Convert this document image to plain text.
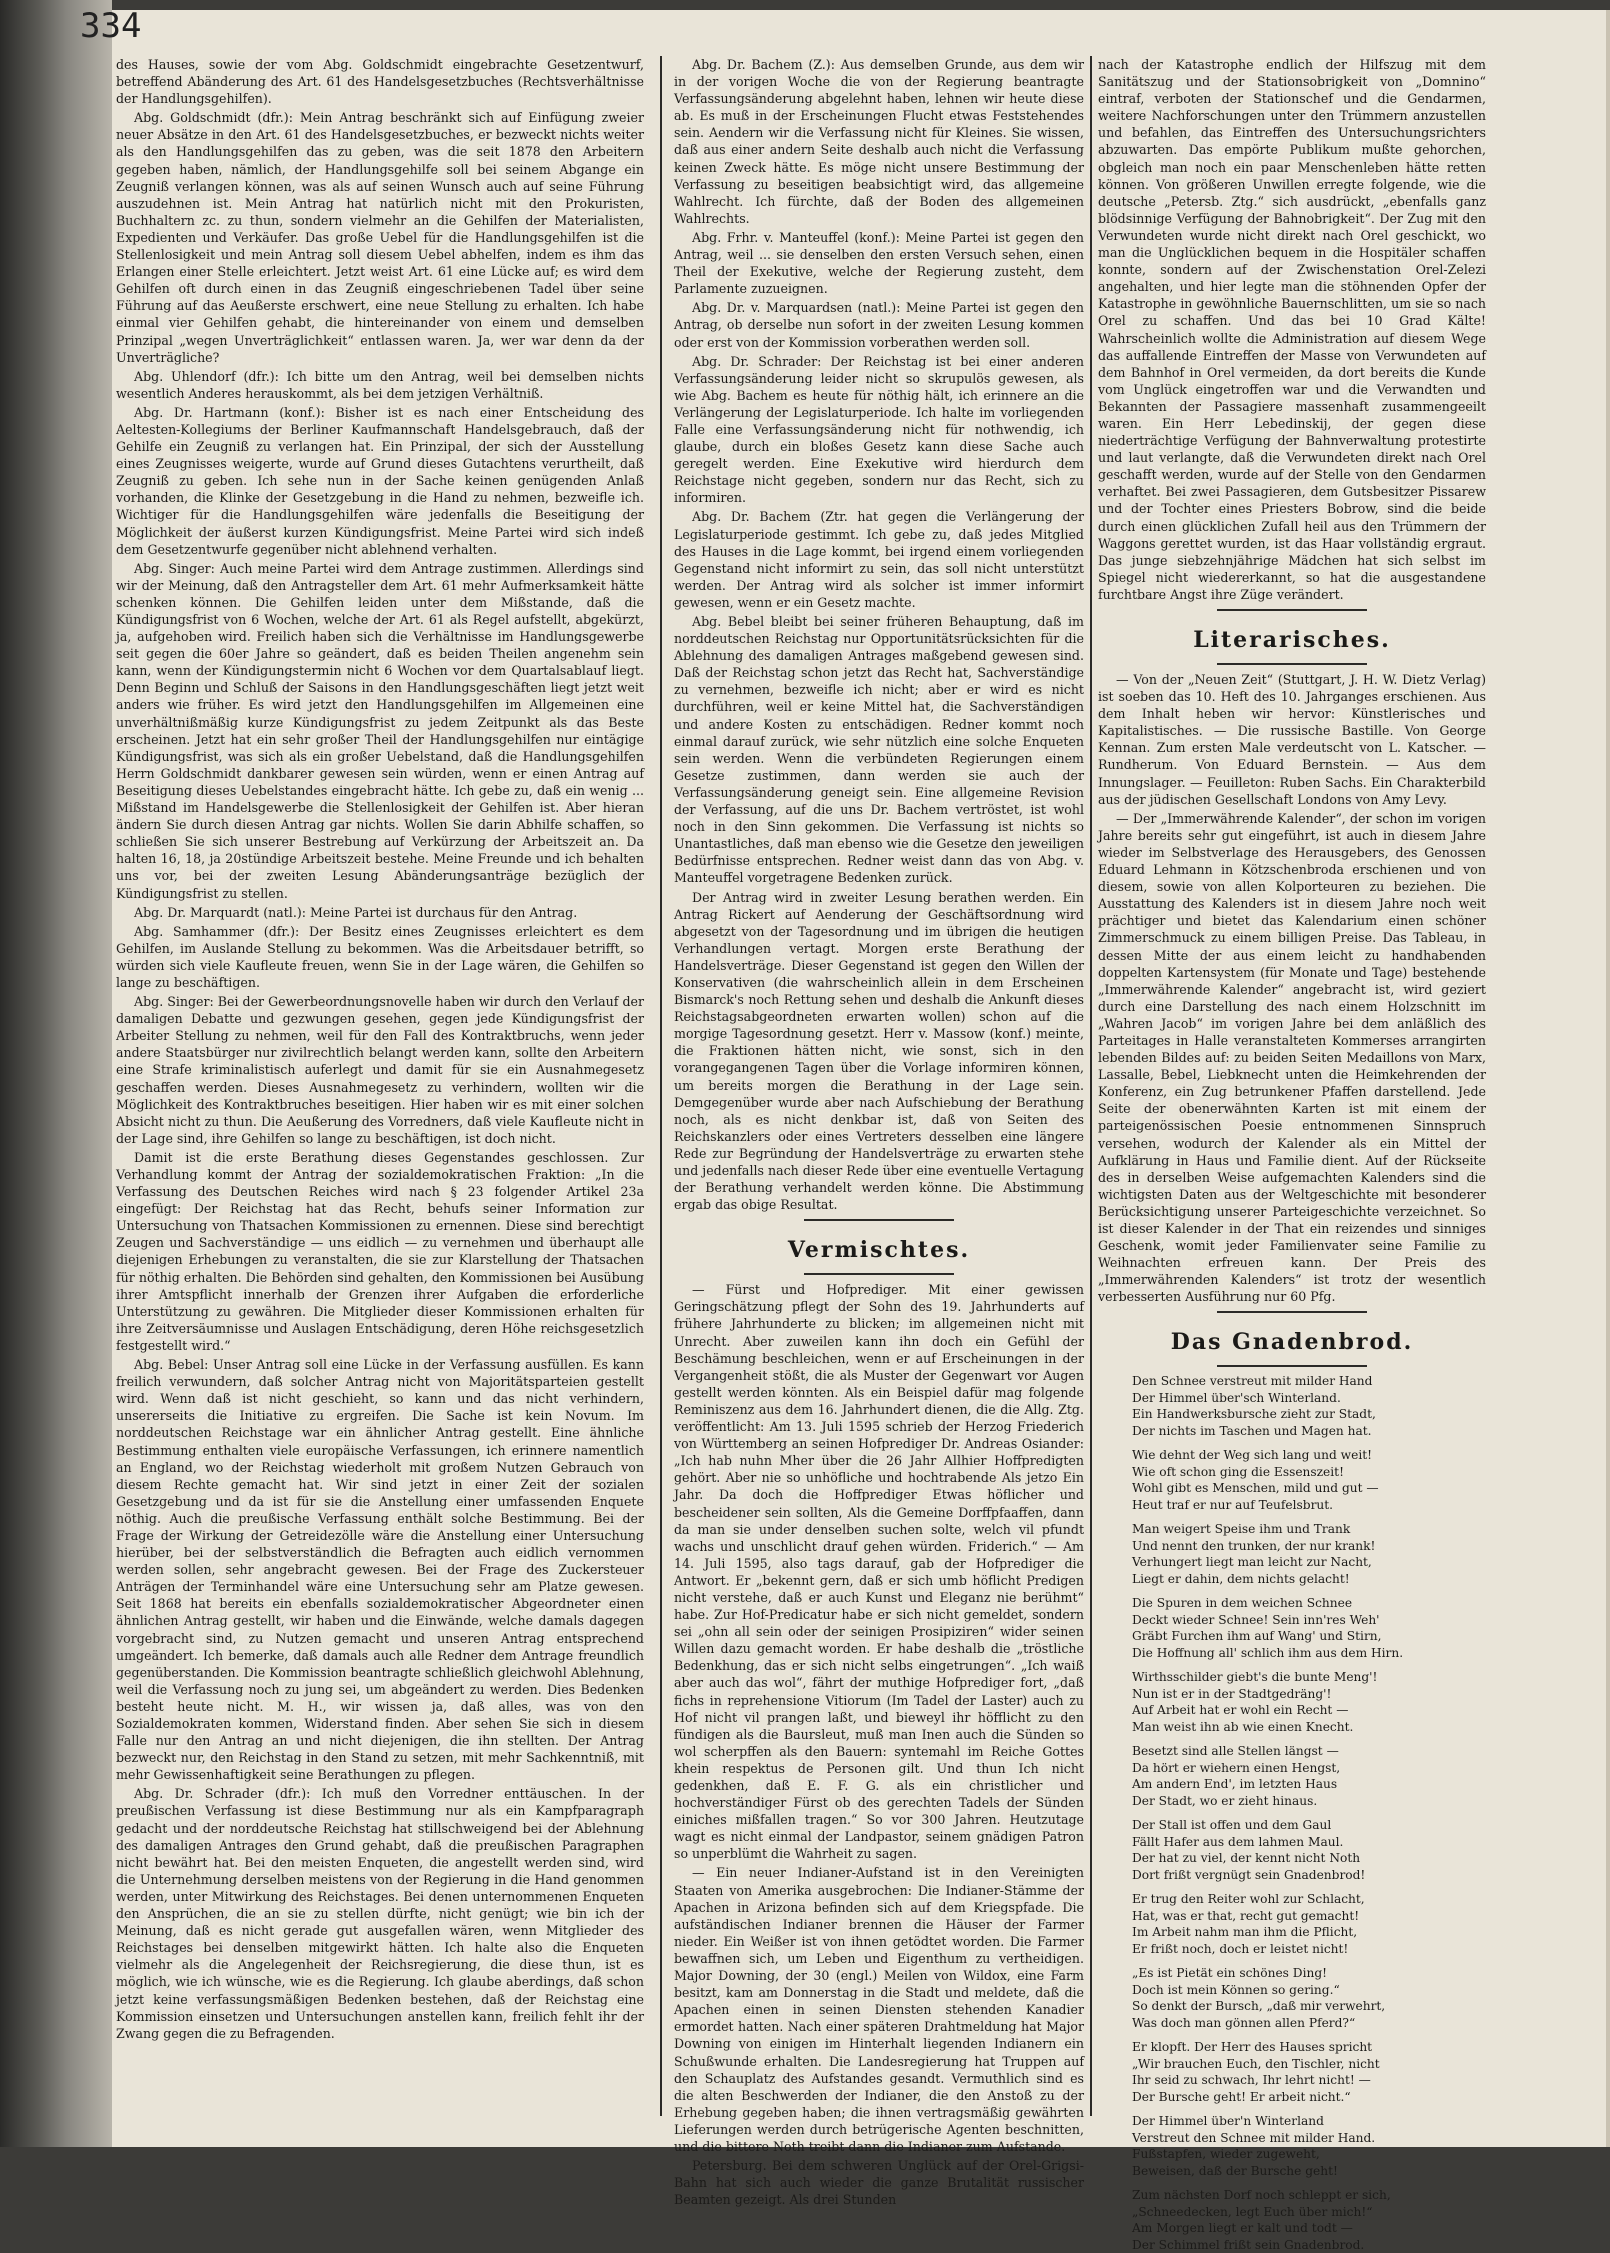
334

des Hauses, sowie der vom Abg. Goldschmidt eingebrachte Gesetzentwurf, betreffend Abänderung des Art. 61 des Handelsgesetzbuches (Rechtsverhältnisse der Handlungsgehilfen).

Abg. Goldschmidt (dfr.): Mein Antrag beschränkt sich auf Einfügung zweier neuer Absätze in den Art. 61 des Handelsgesetzbuches, er bezweckt nichts weiter als den Handlungsgehilfen das zu geben, was die seit 1878 den Arbeitern gegeben haben, nämlich, der Handlungsgehilfe soll bei seinem Abgange ein Zeugniß verlangen können, was als auf seinen Wunsch auch auf seine Führung auszudehnen ist. Mein Antrag hat natürlich nicht mit den Prokuristen, Buchhaltern zc. zu thun, sondern vielmehr an die Gehilfen der Materialisten, Expedienten und Verkäufer. Das große Uebel für die Handlungsgehilfen ist die Stellenlosigkeit und mein Antrag soll diesem Uebel abhelfen, indem es ihm das Erlangen einer Stelle erleichtert. Jetzt weist Art. 61 eine Lücke auf; es wird dem Gehilfen oft durch einen in das Zeugniß eingeschriebenen Tadel über seine Führung auf das Aeußerste erschwert, eine neue Stellung zu erhalten. Ich habe einmal vier Gehilfen gehabt, die hintereinander von einem und demselben Prinzipal „wegen Unverträglichkeit“ entlassen waren. Ja, wer war denn da der Unverträgliche?

Abg. Uhlendorf (dfr.): Ich bitte um den Antrag, weil bei demselben nichts wesentlich Anderes herauskommt, als bei dem jetzigen Verhältniß.

Abg. Dr. Hartmann (konf.): Bisher ist es nach einer Entscheidung des Aeltesten-Kollegiums der Berliner Kaufmannschaft Handelsgebrauch, daß der Gehilfe ein Zeugniß zu verlangen hat. Ein Prinzipal, der sich der Ausstellung eines Zeugnisses weigerte, wurde auf Grund dieses Gutachtens verurtheilt, daß Zeugniß zu geben. Ich sehe nun in der Sache keinen genügenden Anlaß vorhanden, die Klinke der Gesetzgebung in die Hand zu nehmen, bezweifle ich. Wichtiger für die Handlungsgehilfen wäre jedenfalls die Beseitigung der Möglichkeit der äußerst kurzen Kündigungsfrist. Meine Partei wird sich indeß dem Gesetzentwurfe gegenüber nicht ablehnend verhalten.

Abg. Singer: Auch meine Partei wird dem Antrage zustimmen. Allerdings sind wir der Meinung, daß den Antragsteller dem Art. 61 mehr Aufmerksamkeit hätte schenken können. Die Gehilfen leiden unter dem Mißstande, daß die Kündigungsfrist von 6 Wochen, welche der Art. 61 als Regel aufstellt, abgekürzt, ja, aufgehoben wird. Freilich haben sich die Verhältnisse im Handlungsgewerbe seit gegen die 60er Jahre so geändert, daß es beiden Theilen angenehm sein kann, wenn der Kündigungstermin nicht 6 Wochen vor dem Quartalsablauf liegt. Denn Beginn und Schluß der Saisons in den Handlungsgeschäften liegt jetzt weit anders wie früher. Es wird jetzt den Handlungsgehilfen im Allgemeinen eine unverhältnißmäßig kurze Kündigungsfrist zu jedem Zeitpunkt als das Beste erscheinen. Jetzt hat ein sehr großer Theil der Handlungsgehilfen nur eintägige Kündigungsfrist, was sich als ein großer Uebelstand, daß die Handlungsgehilfen Herrn Goldschmidt dankbarer gewesen sein würden, wenn er einen Antrag auf Beseitigung dieses Uebelstandes eingebracht hätte. Ich gebe zu, daß ein wenig ... Mißstand im Handelsgewerbe die Stellenlosigkeit der Gehilfen ist. Aber hieran ändern Sie durch diesen Antrag gar nichts. Wollen Sie darin Abhilfe schaffen, so schließen Sie sich unserer Bestrebung auf Verkürzung der Arbeitszeit an. Da halten 16, 18, ja 20stündige Arbeitszeit bestehe. Meine Freunde und ich behalten uns vor, bei der zweiten Lesung Abänderungsanträge bezüglich der Kündigungsfrist zu stellen.

Abg. Dr. Marquardt (natl.): Meine Partei ist durchaus für den Antrag.

Abg. Samhammer (dfr.): Der Besitz eines Zeugnisses erleichtert es dem Gehilfen, im Auslande Stellung zu bekommen. Was die Arbeitsdauer betrifft, so würden sich viele Kaufleute freuen, wenn Sie in der Lage wären, die Gehilfen so lange zu beschäftigen.

Abg. Singer: Bei der Gewerbeordnungsnovelle haben wir durch den Verlauf der damaligen Debatte und gezwungen gesehen, gegen jede Kündigungsfrist der Arbeiter Stellung zu nehmen, weil für den Fall des Kontraktbruchs, wenn jeder andere Staatsbürger nur zivilrechtlich belangt werden kann, sollte den Arbeitern eine Strafe kriminalistisch auferlegt und damit für sie ein Ausnahmegesetz geschaffen werden. Dieses Ausnahmegesetz zu verhindern, wollten wir die Möglichkeit des Kontraktbruches beseitigen. Hier haben wir es mit einer solchen Absicht nicht zu thun. Die Aeußerung des Vorredners, daß viele Kaufleute nicht in der Lage sind, ihre Gehilfen so lange zu beschäftigen, ist doch nicht.

Damit ist die erste Berathung dieses Gegenstandes geschlossen. Zur Verhandlung kommt der Antrag der sozialdemokratischen Fraktion: „In die Verfassung des Deutschen Reiches wird nach § 23 folgender Artikel 23a eingefügt: Der Reichstag hat das Recht, behufs seiner Information zur Untersuchung von Thatsachen Kommissionen zu ernennen. Diese sind berechtigt Zeugen und Sachverständige — uns eidlich — zu vernehmen und überhaupt alle diejenigen Erhebungen zu veranstalten, die sie zur Klarstellung der Thatsachen für nöthig erhalten. Die Behörden sind gehalten, den Kommissionen bei Ausübung ihrer Amtspflicht innerhalb der Grenzen ihrer Aufgaben die erforderliche Unterstützung zu gewähren. Die Mitglieder dieser Kommissionen erhalten für ihre Zeitversäumnisse und Auslagen Entschädigung, deren Höhe reichsgesetzlich festgestellt wird.“

Abg. Bebel: Unser Antrag soll eine Lücke in der Verfassung ausfüllen. Es kann freilich verwundern, daß solcher Antrag nicht von Majoritätsparteien gestellt wird. Wenn daß ist nicht geschieht, so kann und das nicht verhindern, unsererseits die Initiative zu ergreifen. Die Sache ist kein Novum. Im norddeutschen Reichstage war ein ähnlicher Antrag gestellt. Eine ähnliche Bestimmung enthalten viele europäische Verfassungen, ich erinnere namentlich an England, wo der Reichstag wiederholt mit großem Nutzen Gebrauch von diesem Rechte gemacht hat. Wir sind jetzt in einer Zeit der sozialen Gesetzgebung und da ist für sie die Anstellung einer umfassenden Enquete nöthig. Auch die preußische Verfassung enthält solche Bestimmung. Bei der Frage der Wirkung der Getreidezölle wäre die Anstellung einer Untersuchung hierüber, bei der selbstverständlich die Befragten auch eidlich vernommen werden sollen, sehr angebracht gewesen. Bei der Frage des Zuckersteuer Anträgen der Terminhandel wäre eine Untersuchung sehr am Platze gewesen. Seit 1868 hat bereits ein ebenfalls sozialdemokratischer Abgeordneter einen ähnlichen Antrag gestellt, wir haben und die Einwände, welche damals dagegen vorgebracht sind, zu Nutzen gemacht und unseren Antrag entsprechend umgeändert. Ich bemerke, daß damals auch alle Redner dem Antrage freundlich gegenüberstanden. Die Kommission beantragte schließlich gleichwohl Ablehnung, weil die Verfassung noch zu jung sei, um abgeändert zu werden. Dies Bedenken besteht heute nicht. M. H., wir wissen ja, daß alles, was von den Sozialdemokraten kommen, Widerstand finden. Aber sehen Sie sich in diesem Falle nur den Antrag an und nicht diejenigen, die ihn stellten. Der Antrag bezweckt nur, den Reichstag in den Stand zu setzen, mit mehr Sachkenntniß, mit mehr Gewissenhaftigkeit seine Berathungen zu pflegen.

Abg. Dr. Schrader (dfr.): Ich muß den Vorredner enttäuschen. In der preußischen Verfassung ist diese Bestimmung nur als ein Kampfparagraph gedacht und der norddeutsche Reichstag hat stillschweigend bei der Ablehnung des damaligen Antrages den Grund gehabt, daß die preußischen Paragraphen nicht bewährt hat. Bei den meisten Enqueten, die angestellt werden sind, wird die Unternehmung derselben meistens von der Regierung in die Hand genommen werden, unter Mitwirkung des Reichstages. Bei denen unternommenen Enqueten den Ansprüchen, die an sie zu stellen dürfte, nicht genügt; wie bin ich der Meinung, daß es nicht gerade gut ausgefallen wären, wenn Mitglieder des Reichstages bei denselben mitgewirkt hätten. Ich halte also die Enqueten vielmehr als die Angelegenheit der Reichsregierung, die diese thun, ist es möglich, wie ich wünsche, wie es die Regierung. Ich glaube aberdings, daß schon jetzt keine verfassungsmäßigen Bedenken bestehen, daß der Reichstag eine Kommission einsetzen und Untersuchungen anstellen kann, freilich fehlt ihr der Zwang gegen die zu Befragenden.

Abg. Dr. Bachem (Z.): Aus demselben Grunde, aus dem wir in der vorigen Woche die von der Regierung beantragte Verfassungsänderung abgelehnt haben, lehnen wir heute diese ab. Es muß in der Erscheinungen Flucht etwas Feststehendes sein. Aendern wir die Verfassung nicht für Kleines. Sie wissen, daß aus einer andern Seite deshalb auch nicht die Verfassung keinen Zweck hätte. Es möge nicht unsere Bestimmung der Verfassung zu beseitigen beabsichtigt wird, das allgemeine Wahlrecht. Ich fürchte, daß der Boden des allgemeinen Wahlrechts.

Abg. Frhr. v. Manteuffel (konf.): Meine Partei ist gegen den Antrag, weil ... sie denselben den ersten Versuch sehen, einen Theil der Exekutive, welche der Regierung zusteht, dem Parlamente zuzueignen.

Abg. Dr. v. Marquardsen (natl.): Meine Partei ist gegen den Antrag, ob derselbe nun sofort in der zweiten Lesung kommen oder erst von der Kommission vorberathen werden soll.

Abg. Dr. Schrader: Der Reichstag ist bei einer anderen Verfassungsänderung leider nicht so skrupulös gewesen, als wie Abg. Bachem es heute für nöthig hält, ich erinnere an die Verlängerung der Legislaturperiode. Ich halte im vorliegenden Falle eine Verfassungsänderung nicht für nothwendig, ich glaube, durch ein bloßes Gesetz kann diese Sache auch geregelt werden. Eine Exekutive wird hierdurch dem Reichstage nicht gegeben, sondern nur das Recht, sich zu informiren.

Abg. Dr. Bachem (Ztr. hat gegen die Verlängerung der Legislaturperiode gestimmt. Ich gebe zu, daß jedes Mitglied des Hauses in die Lage kommt, bei irgend einem vorliegenden Gegenstand nicht informirt zu sein, das soll nicht unterstützt werden. Der Antrag wird als solcher ist immer informirt gewesen, wenn er ein Gesetz machte.

Abg. Bebel bleibt bei seiner früheren Behauptung, daß im norddeutschen Reichstag nur Opportunitätsrücksichten für die Ablehnung des damaligen Antrages maßgebend gewesen sind. Daß der Reichstag schon jetzt das Recht hat, Sachverständige zu vernehmen, bezweifle ich nicht; aber er wird es nicht durchführen, weil er keine Mittel hat, die Sachverständigen und andere Kosten zu entschädigen. Redner kommt noch einmal darauf zurück, wie sehr nützlich eine solche Enqueten sein werden. Wenn die verbündeten Regierungen einem Gesetze zustimmen, dann werden sie auch der Verfassungsänderung geneigt sein. Eine allgemeine Revision der Verfassung, auf die uns Dr. Bachem vertröstet, ist wohl noch in den Sinn gekommen. Die Verfassung ist nichts so Unantastliches, daß man ebenso wie die Gesetze den jeweiligen Bedürfnisse entsprechen. Redner weist dann das von Abg. v. Manteuffel vorgetragene Bedenken zurück.

Der Antrag wird in zweiter Lesung berathen werden. Ein Antrag Rickert auf Aenderung der Geschäftsordnung wird abgesetzt von der Tagesordnung und im übrigen die heutigen Verhandlungen vertagt. Morgen erste Berathung der Handelsverträge. Dieser Gegenstand ist gegen den Willen der Konservativen (die wahrscheinlich allein in dem Erscheinen Bismarck's noch Rettung sehen und deshalb die Ankunft dieses Reichstagsabgeordneten erwarten wollen) schon auf die morgige Tagesordnung gesetzt. Herr v. Massow (konf.) meinte, die Fraktionen hätten nicht, wie sonst, sich in den vorangegangenen Tagen über die Vorlage informiren können, um bereits morgen die Berathung in der Lage sein. Demgegenüber wurde aber nach Aufschiebung der Berathung noch, als es nicht denkbar ist, daß von Seiten des Reichskanzlers oder eines Vertreters desselben eine längere Rede zur Begründung der Handelsverträge zu erwarten stehe und jedenfalls nach dieser Rede über eine eventuelle Vertagung der Berathung verhandelt werden könne. Die Abstimmung ergab das obige Resultat.

Vermischtes.

— Fürst und Hofprediger. Mit einer gewissen Geringschätzung pflegt der Sohn des 19. Jahrhunderts auf frühere Jahrhunderte zu blicken; im allgemeinen nicht mit Unrecht. Aber zuweilen kann ihn doch ein Gefühl der Beschämung beschleichen, wenn er auf Erscheinungen in der Vergangenheit stößt, die als Muster der Gegenwart vor Augen gestellt werden könnten. Als ein Beispiel dafür mag folgende Reminiszenz aus dem 16. Jahrhundert dienen, die die Allg. Ztg. veröffentlicht: Am 13. Juli 1595 schrieb der Herzog Friederich von Württemberg an seinen Hofprediger Dr. Andreas Osiander: „Ich hab nuhn Mher über die 26 Jahr Allhier Hoffpredigten gehört. Aber nie so unhöfliche und hochtrabende Als jetzo Ein Jahr. Da doch die Hoffprediger Etwas höflicher und bescheidener sein sollten, Als die Gemeine Dorffpfaaffen, dann da man sie under denselben suchen solte, welch vil pfundt wachs und unschlicht drauf gehen würden. Friderich.“ — Am 14. Juli 1595, also tags darauf, gab der Hofprediger die Antwort. Er „bekennt gern, daß er sich umb höflicht Predigen nicht verstehe, daß er auch Kunst und Eleganz nie berühmt“ habe. Zur Hof-Predicatur habe er sich nicht gemeldet, sondern sei „ohn all sein oder der seinigen Prosipiziren“ wider seinen Willen dazu gemacht worden. Er habe deshalb die „tröstliche Bedenkhung, das er sich nicht selbs eingetrungen“. „Ich waiß aber auch das wol“, fährt der muthige Hofprediger fort, „daß fichs in reprehensione Vitiorum (Im Tadel der Laster) auch zu Hof nicht vil prangen laßt, und bieweyl ihr höfflicht zu den fündigen als die Baursleut, muß man Inen auch die Sünden so wol scherpffen als den Bauern: syntemahl im Reiche Gottes khein respektus de Personen gilt. Und thun Ich nicht gedenkhen, daß E. F. G. als ein christlicher und hochverständiger Fürst ob des gerechten Tadels der Sünden einiches mißfallen tragen.“ So vor 300 Jahren. Heutzutage wagt es nicht einmal der Landpastor, seinem gnädigen Patron so unperblümt die Wahrheit zu sagen.

— Ein neuer Indianer-Aufstand ist in den Vereinigten Staaten von Amerika ausgebrochen: Die Indianer-Stämme der Apachen in Arizona befinden sich auf dem Kriegspfade. Die aufständischen Indianer brennen die Häuser der Farmer nieder. Ein Weißer ist von ihnen getödtet worden. Die Farmer bewaffnen sich, um Leben und Eigenthum zu vertheidigen. Major Downing, der 30 (engl.) Meilen von Wildox, eine Farm besitzt, kam am Donnerstag in die Stadt und meldete, daß die Apachen einen in seinen Diensten stehenden Kanadier ermordet hatten. Nach einer späteren Drahtmeldung hat Major Downing von einigen im Hinterhalt liegenden Indianern ein Schußwunde erhalten. Die Landesregierung hat Truppen auf den Schauplatz des Aufstandes gesandt. Vermuthlich sind es die alten Beschwerden der Indianer, die den Anstoß zu der Erhebung gegeben haben; die ihnen vertragsmäßig gewährten Lieferungen werden durch betrügerische Agenten beschnitten, und die bittere Noth treibt dann die Indianer zum Aufstande.

Petersburg. Bei dem schweren Unglück auf der Orel-Grigsi-Bahn hat sich auch wieder die ganze Brutalität russischer Beamten gezeigt. Als drei Stunden

nach der Katastrophe endlich der Hilfszug mit dem Sanitätszug und der Stationsobrigkeit von „Domnino“ eintraf, verboten der Stationschef und die Gendarmen, weitere Nachforschungen unter den Trümmern anzustellen und befahlen, das Eintreffen des Untersuchungsrichters abzuwarten. Das empörte Publikum mußte gehorchen, obgleich man noch ein paar Menschenleben hätte retten können. Von größeren Unwillen erregte folgende, wie die deutsche „Petersb. Ztg.“ sich ausdrückt, „ebenfalls ganz blödsinnige Verfügung der Bahnobrigkeit“. Der Zug mit den Verwundeten wurde nicht direkt nach Orel geschickt, wo man die Unglücklichen bequem in die Hospitäler schaffen konnte, sondern auf der Zwischenstation Orel-Zelezi angehalten, und hier legte man die stöhnenden Opfer der Katastrophe in gewöhnliche Bauernschlitten, um sie so nach Orel zu schaffen. Und das bei 10 Grad Kälte! Wahrscheinlich wollte die Administration auf diesem Wege das auffallende Eintreffen der Masse von Verwundeten auf dem Bahnhof in Orel vermeiden, da dort bereits die Kunde vom Unglück eingetroffen war und die Verwandten und Bekannten der Passagiere massenhaft zusammengeeilt waren. Ein Herr Lebedinskij, der gegen diese niederträchtige Verfügung der Bahnverwaltung protestirte und laut verlangte, daß die Verwundeten direkt nach Orel geschafft werden, wurde auf der Stelle von den Gendarmen verhaftet. Bei zwei Passagieren, dem Gutsbesitzer Pissarew und der Tochter eines Priesters Bobrow, sind die beide durch einen glücklichen Zufall heil aus den Trümmern der Waggons gerettet wurden, ist das Haar vollständig ergraut. Das junge siebzehnjährige Mädchen hat sich selbst im Spiegel nicht wiedererkannt, so hat die ausgestandene furchtbare Angst ihre Züge verändert.

Literarisches.

— Von der „Neuen Zeit“ (Stuttgart, J. H. W. Dietz Verlag) ist soeben das 10. Heft des 10. Jahrganges erschienen. Aus dem Inhalt heben wir hervor: Künstlerisches und Kapitalistisches. — Die russische Bastille. Von George Kennan. Zum ersten Male verdeutscht von L. Katscher. — Rundherum. Von Eduard Bernstein. — Aus dem Innungslager. — Feuilleton: Ruben Sachs. Ein Charakterbild aus der jüdischen Gesellschaft Londons von Amy Levy.

— Der „Immerwährende Kalender“, der schon im vorigen Jahre bereits sehr gut eingeführt, ist auch in diesem Jahre wieder im Selbstverlage des Herausgebers, des Genossen Eduard Lehmann in Kötzschenbroda erschienen und von diesem, sowie von allen Kolporteuren zu beziehen. Die Ausstattung des Kalenders ist in diesem Jahre noch weit prächtiger und bietet das Kalendarium einen schöner Zimmerschmuck zu einem billigen Preise. Das Tableau, in dessen Mitte der aus einem leicht zu handhabenden doppelten Kartensystem (für Monate und Tage) bestehende „Immerwährende Kalender“ angebracht ist, wird geziert durch eine Darstellung des nach einem Holzschnitt im „Wahren Jacob“ im vorigen Jahre bei dem anläßlich des Parteitages in Halle veranstalteten Kommerses arrangirten lebenden Bildes auf: zu beiden Seiten Medaillons von Marx, Lassalle, Bebel, Liebknecht unten die Heimkehrenden der Konferenz, ein Zug betrunkener Pfaffen darstellend. Jede Seite der obenerwähnten Karten ist mit einem der parteigenössischen Poesie entnommenen Sinnspruch versehen, wodurch der Kalender als ein Mittel der Aufklärung in Haus und Familie dient. Auf der Rückseite des in derselben Weise aufgemachten Kalenders sind die wichtigsten Daten aus der Weltgeschichte mit besonderer Berücksichtigung unserer Parteigeschichte verzeichnet. So ist dieser Kalender in der That ein reizendes und sinniges Geschenk, womit jeder Familienvater seine Familie zu Weihnachten erfreuen kann. Der Preis des „Immerwährenden Kalenders“ ist trotz der wesentlich verbesserten Ausführung nur 60 Pfg.

Das Gnadenbrod.
Den Schnee verstreut mit milder Hand
Der Himmel über'sch Winterland.
Ein Handwerksbursche zieht zur Stadt,
Der nichts im Taschen und Magen hat.
Wie dehnt der Weg sich lang und weit!
Wie oft schon ging die Essenszeit!
Wohl gibt es Menschen, mild und gut —
Heut traf er nur auf Teufelsbrut.
Man weigert Speise ihm und Trank
Und nennt den trunken, der nur krank!
Verhungert liegt man leicht zur Nacht,
Liegt er dahin, dem nichts gelacht!
Die Spuren in dem weichen Schnee
Deckt wieder Schnee! Sein inn'res Weh'
Gräbt Furchen ihm auf Wang' und Stirn,
Die Hoffnung all' schlich ihm aus dem Hirn.
Wirthsschilder giebt's die bunte Meng'!
Nun ist er in der Stadtgedräng'!
Auf Arbeit hat er wohl ein Recht —
Man weist ihn ab wie einen Knecht.
Besetzt sind alle Stellen längst —
Da hört er wiehern einen Hengst,
Am andern End', im letzten Haus
Der Stadt, wo er zieht hinaus.
Der Stall ist offen und dem Gaul
Fällt Hafer aus dem lahmen Maul.
Der hat zu viel, der kennt nicht Noth
Dort frißt vergnügt sein Gnadenbrod!
Er trug den Reiter wohl zur Schlacht,
Hat, was er that, recht gut gemacht!
Im Arbeit nahm man ihm die Pflicht,
Er frißt noch, doch er leistet nicht!
„Es ist Pietät ein schönes Ding!
Doch ist mein Können so gering.“
So denkt der Bursch, „daß mir verwehrt,
Was doch man gönnen allen Pferd?“
Er klopft. Der Herr des Hauses spricht
„Wir brauchen Euch, den Tischler, nicht
Ihr seid zu schwach, Ihr lehrt nicht! —
Der Bursche geht! Er arbeit nicht.“
Der Himmel über'n Winterland
Verstreut den Schnee mit milder Hand.
Fußstapfen, wieder zugeweht,
Beweisen, daß der Bursche geht!
Zum nächsten Dorf noch schleppt er sich,
„Schneedecken, legt Euch über mich!“
Am Morgen liegt er kalt und todt —
Der Schimmel frißt sein Gnadenbrod.
